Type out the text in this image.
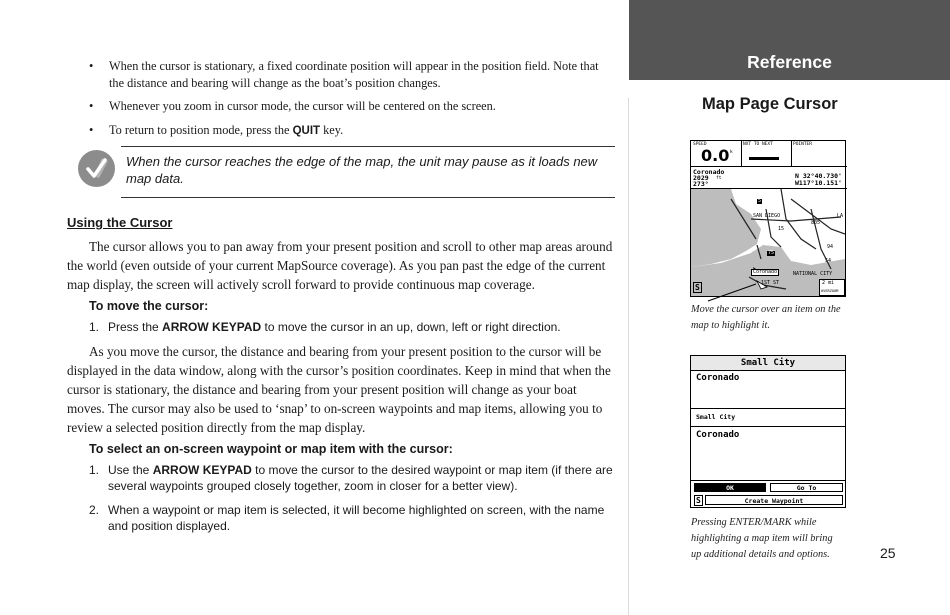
• When the cursor is stationary, a fixed coordinate position will appear in the position field. Note that
the distance and bearing will change as the boat’s position changes.
• Whenever you zoom in cursor mode, the cursor will be centered on the screen.
• To return to position mode, press the QUIT key.
When the cursor reaches the edge of the map, the unit may pause as it loads new
map data.
Using the Cursor

The cursor allows you to pan away from your present position and scroll to other map areas around the world (even outside of your current MapSource coverage). As you pan past the edge of the current map display, the screen will actively scroll forward to provide continuous map coverage.

To move the cursor:
1. Press the ARROW KEYPAD to move the cursor in an up, down, left or right direction.

As you move the cursor, the distance and bearing from your present position to the cursor will be displayed in the data window, along with the cursor’s position coordinates. Keep in mind that when the cursor is stationary, the distance and bearing from your present position will change as your boat moves. The cursor may also be used to ‘snap’ to on-screen waypoints and map items, allowing you to review a selected position directly from the map display.

To select an on-screen waypoint or map item with the cursor:
1. Use the ARROW KEYPAD to move the cursor to the desired waypoint or map item (if there are
several waypoints grouped closely together, zoom in closer for a better view).
2. When a waypoint or map item is selected, it will become highlighted on screen, with the name
and position displayed.
Reference
Map Page Cursor
SPEED
0.0 k
NXT TO NEXT	POINTER
Coronado
2029 ft
273°
N 32°40.730'
W117°10.151'
SAN DIEGO
5
15
805
94
LA
75
54
Coronado	NATIONAL CITY
1ST ST
S	2 mi
OVERZOOM
Move the cursor over an item on the
map to highlight it.
Small City
Coronado
Small City
Coronado
OK	Go To
S	Create Waypoint
Pressing ENTER/MARK while
highlighting a map item will bring
up additional details and options.	25
